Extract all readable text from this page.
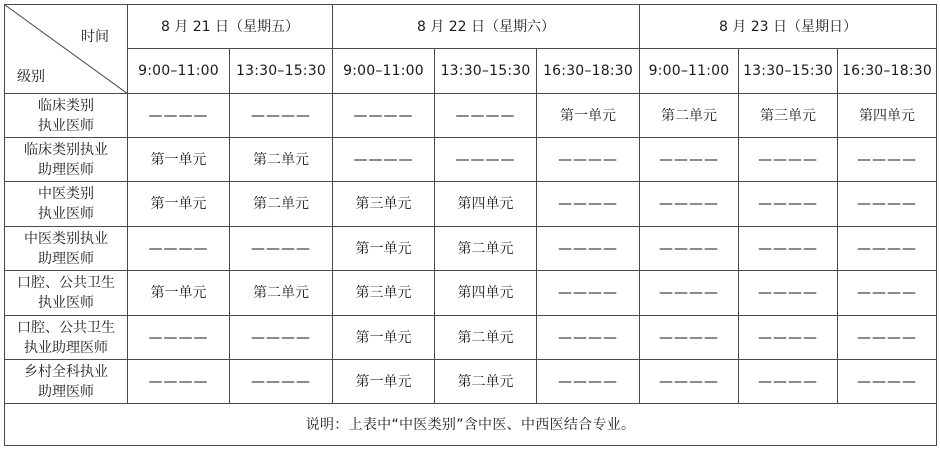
时间
级别	8 月 21 日（星期五）		8 月 22 日（星期六）			8 月 23 日（星期日）		
	9:00–11:00	13:30–15:30	9:00–11:00	13:30–15:30	16:30–18:30	9:00–11:00	13:30–15:30	16:30–18:30
临床类别
执业医师	————	————	————	————	第一单元	第二单元	第三单元	第四单元
临床类别执业
助理医师	第一单元	第二单元	————	————	————	————	————	————
中医类别
执业医师	第一单元	第二单元	第三单元	第四单元	————	————	————	————
中医类别执业
助理医师	————	————	第一单元	第二单元	————	————	————	————
口腔、公共卫生
执业医师	第一单元	第二单元	第三单元	第四单元	————	————	————	————
口腔、公共卫生
执业助理医师	————	————	第一单元	第二单元	————	————	————	————
乡村全科执业
助理医师	————	————	第一单元	第二单元	————	————	————	————
说明：上表中“中医类别”含中医、中西医结合专业。								
